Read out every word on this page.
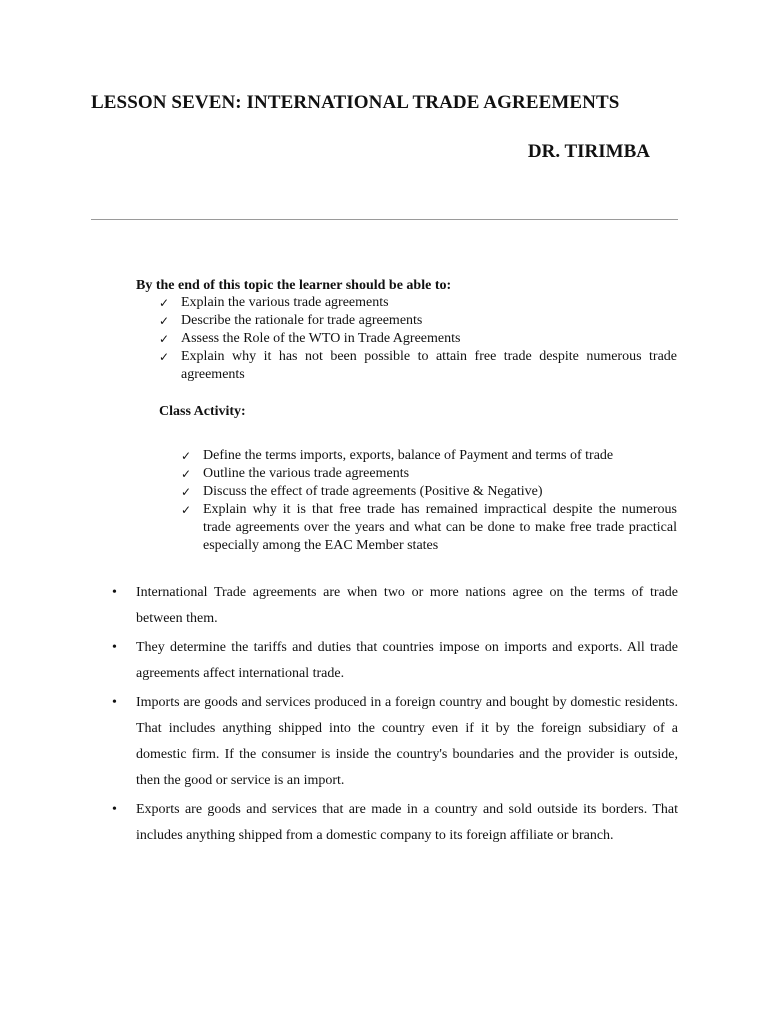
LESSON SEVEN: INTERNATIONAL TRADE AGREEMENTS
DR. TIRIMBA
By the end of this topic the learner should be able to:
✓ Explain the various trade agreements
✓ Describe the rationale for trade agreements
✓ Assess the Role of the WTO in Trade Agreements
✓ Explain why it has not been possible to attain free trade despite numerous trade agreements
Class Activity:
✓ Define the terms imports, exports, balance of Payment and terms of trade
✓ Outline the various trade agreements
✓ Discuss the effect of trade agreements (Positive & Negative)
✓ Explain why it is that free trade has remained impractical despite the numerous trade agreements over the years and what can be done to make free trade practical especially among the EAC Member states
• International Trade agreements are when two or more nations agree on the terms of trade between them.
• They determine the tariffs and duties that countries impose on imports and exports. All trade agreements affect international trade.
• Imports are goods and services produced in a foreign country and bought by domestic residents. That includes anything shipped into the country even if it by the foreign subsidiary of a domestic firm. If the consumer is inside the country's boundaries and the provider is outside, then the good or service is an import.
• Exports are goods and services that are made in a country and sold outside its borders. That includes anything shipped from a domestic company to its foreign affiliate or branch.
